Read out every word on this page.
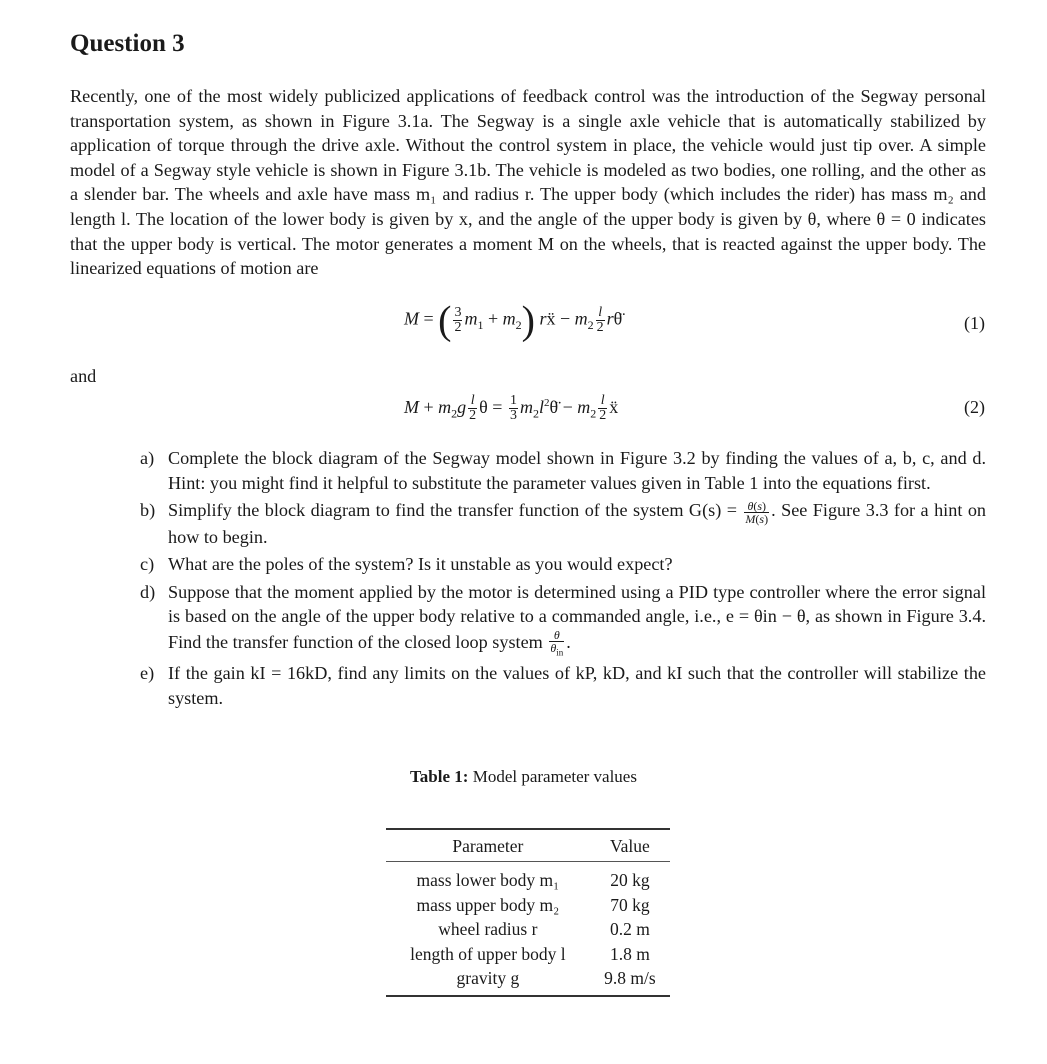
Question 3

Recently, one of the most widely publicized applications of feedback control was the introduction of the Segway personal transportation system, as shown in Figure 3.1a. The Segway is a single axle vehicle that is automatically stabilized by application of torque through the drive axle. Without the control system in place, the vehicle would just tip over. A simple model of a Segway style vehicle is shown in Figure 3.1b. The vehicle is modeled as two bodies, one rolling, and the other as a slender bar. The wheels and axle have mass m₁ and radius r. The upper body (which includes the rider) has mass m₂ and length l. The location of the lower body is given by x, and the angle of the upper body is given by θ, where θ = 0 indicates that the upper body is vertical. The motor generates a moment M on the wheels, that is reacted against the upper body. The linearized equations of motion are

M = ( $\frac{3}{2} m_1 + m_2$) rẍ − $m_2 \frac{l}{2}$ rθ̈	(1)
and
$M + m_2g \frac{l}{2}$ $\theta = \frac{1}{3}$ $m_2l^2\thetä - m_2 \frac{l}{2}$ ẍ	(2)
a) Complete the block diagram of the Segway model shown in Figure 3.2 by finding the values of a, b, c, and d. Hint: you might find it helpful to substitute the parameter values given in Table 1 into the equations first.
b) Simplify the block diagram to find the transfer function of the system $G(s) = \frac{\theta(s)}{M(s)}$ . See Figure 3.3 for a hint on how to begin.
c) What are the poles of the system? Is it unstable as you would expect?
d) Suppose that the moment applied by the motor is determined using a PID type controller where the error signal is based on the angle of the upper body relative to a commanded angle, i.e., e = θin − θ, as shown in Figure 3.4. Find the transfer function of the closed loop system $\frac{\theta}{\theta_{in}}$ .
e) If the gain kI = 16kD, find any limits on the values of kP, kD, and kI such that the controller will stabilize the system.
Table 1: Model parameter values
Parameter	Value
mass lower body m₁	20 kg
mass upper body m₂	70 kg
wheel radius r	0.2 m
length of upper body l	1.8 m
gravity g	9.8 m/s
